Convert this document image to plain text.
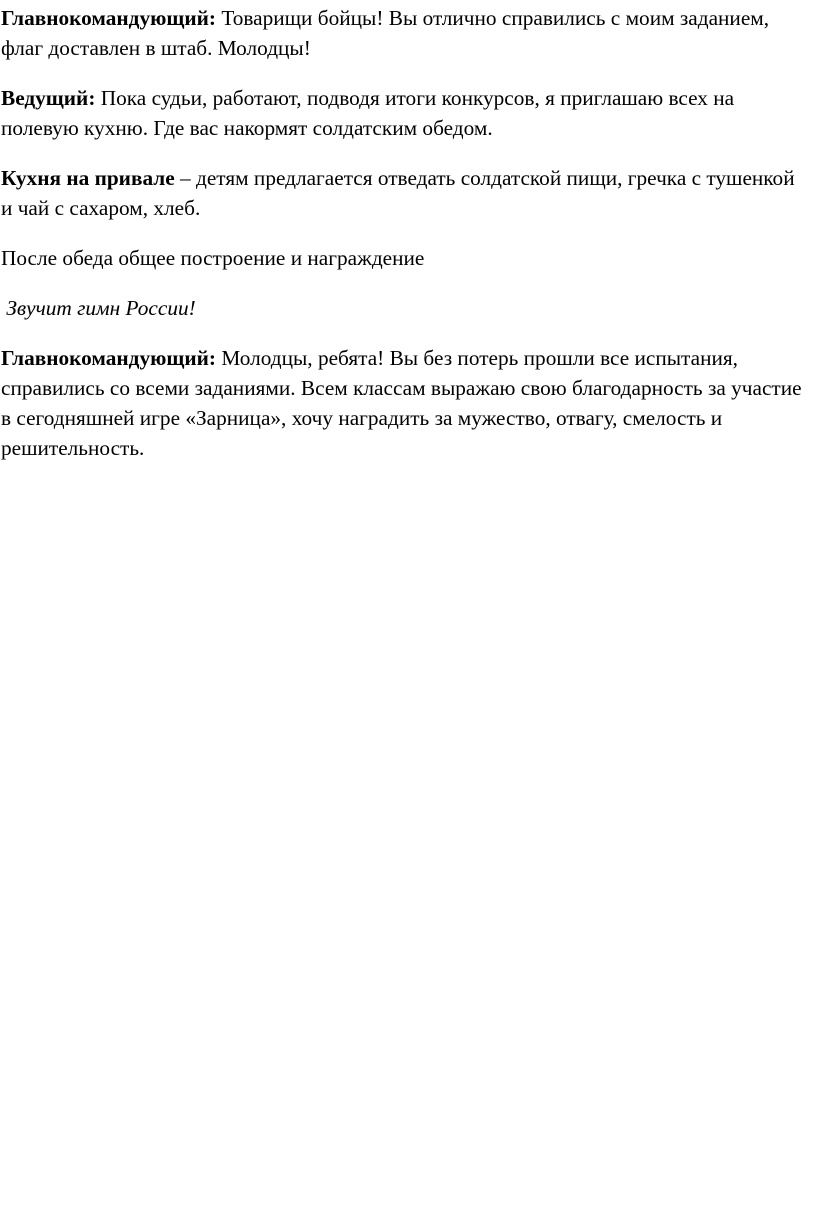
Главнокомандующий: Товарищи бойцы! Вы отлично справились с моим заданием, флаг доставлен в штаб. Молодцы!

Ведущий: Пока судьи, работают, подводя итоги конкурсов, я приглашаю всех на полевую кухню. Где вас накормят солдатским обедом.

Кухня на привале – детям предлагается отведать солдатской пищи, гречка с тушенкой и чай с сахаром, хлеб.

После обеда общее построение и награждение

Звучит гимн России!

Главнокомандующий: Молодцы, ребята! Вы без потерь прошли все испытания, справились со всеми заданиями. Всем классам выражаю свою благодарность за участие в сегодняшней игре «Зарница», хочу наградить за мужество, отвагу, смелость и решительность.
